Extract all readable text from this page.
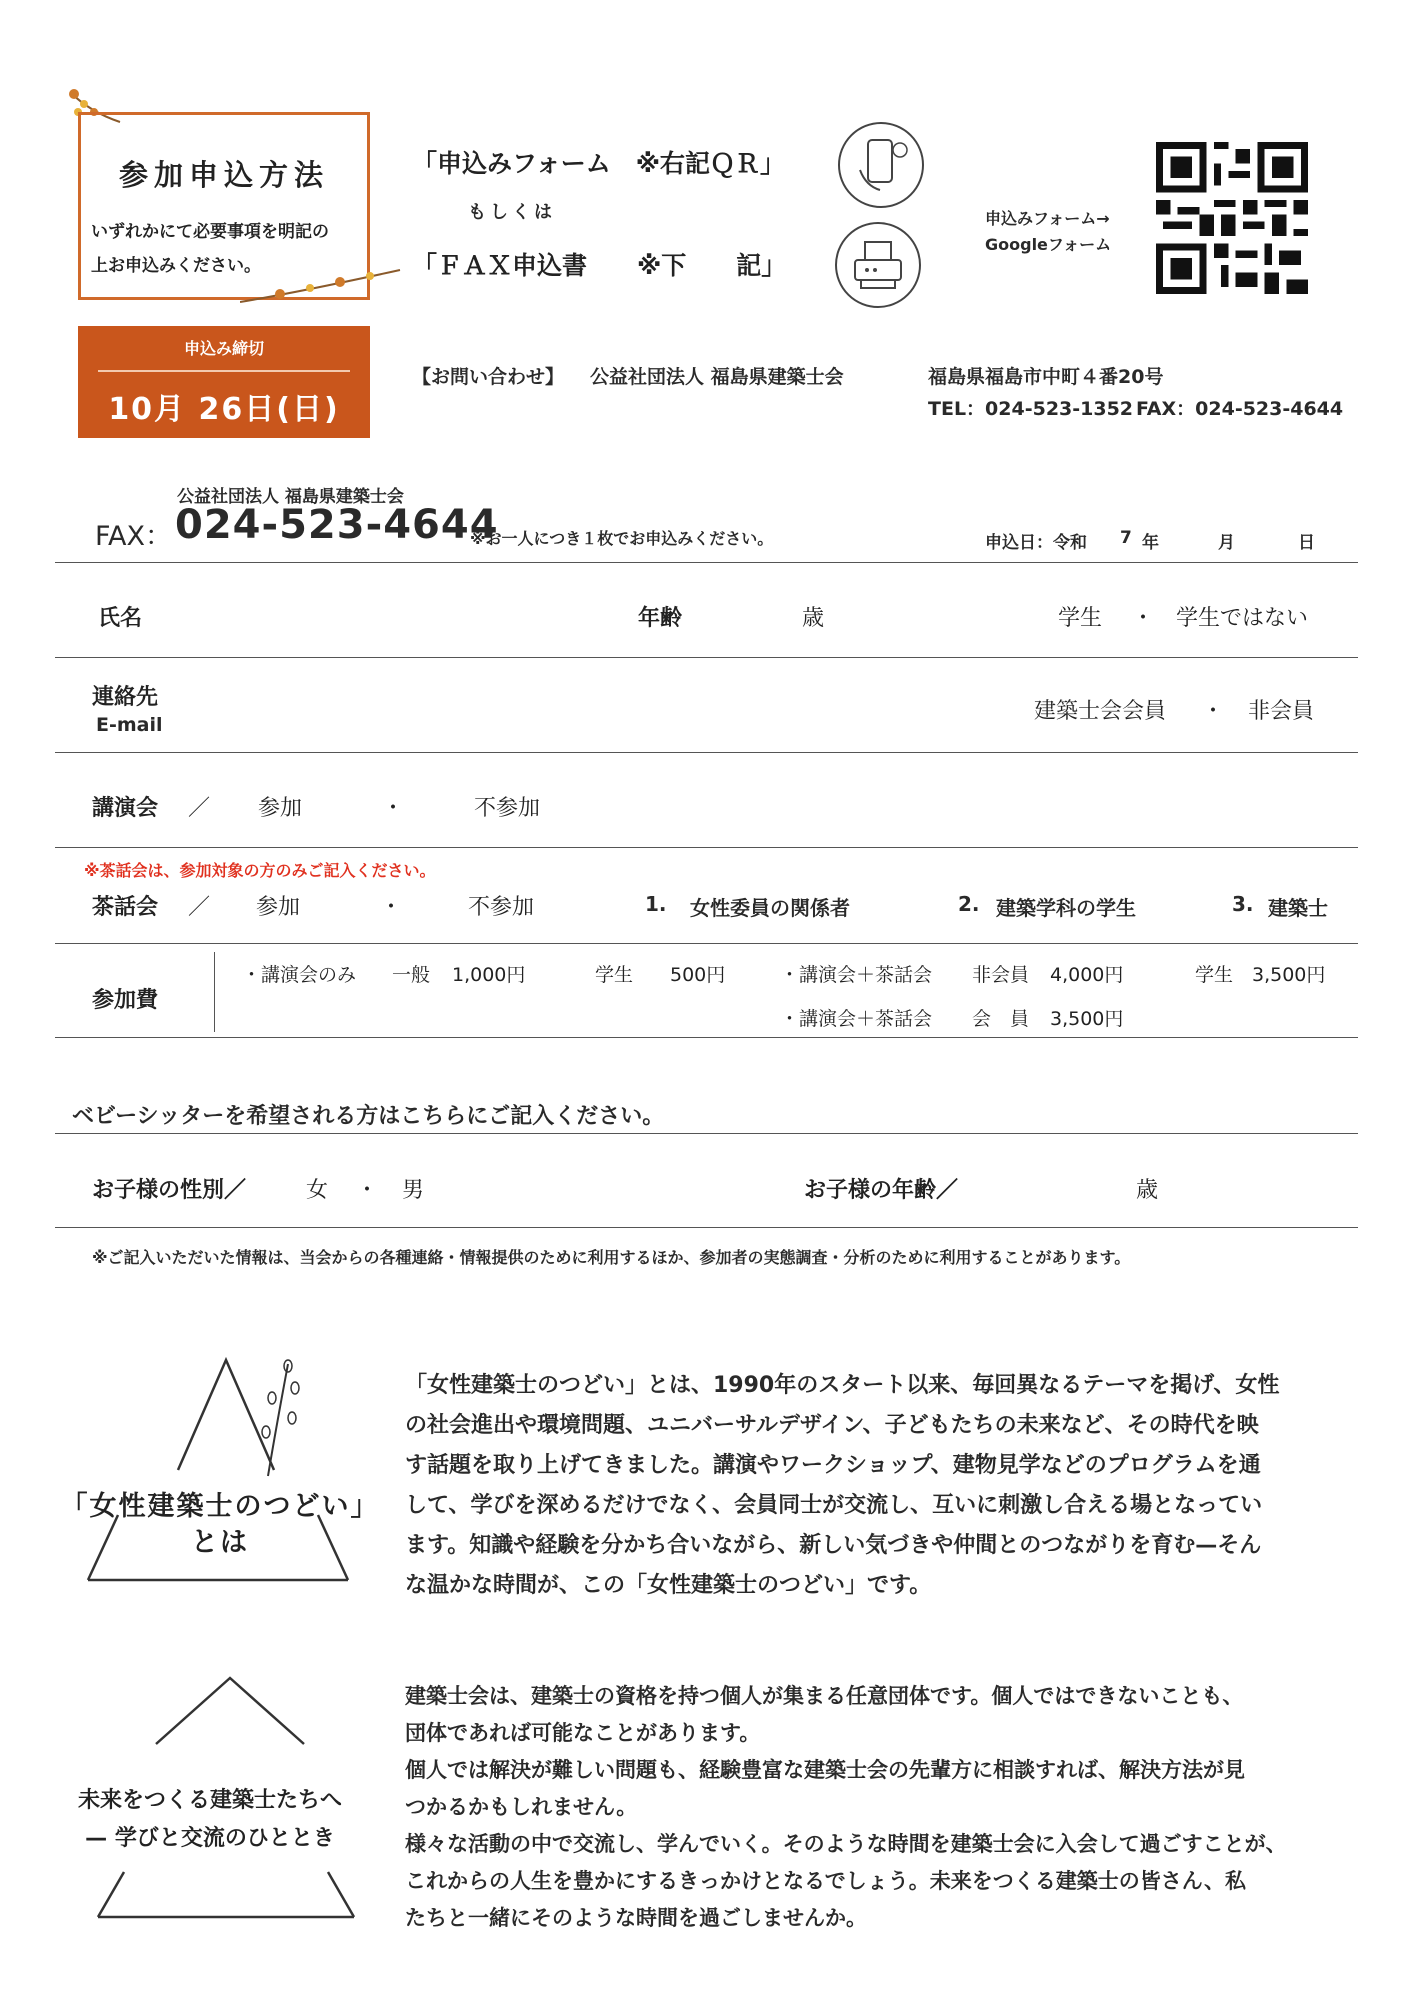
参加申込方法
いずれかにて必要事項を明記の
上お申込みください。
申込み締切
10月 26日(日)
「申込みフォーム　※右記ＱＲ」
もしくは
「ＦＡＸ申込書　　※下　　記」
申込みフォーム→
Googleフォーム
【お問い合わせ】 公益社団法人 福島県建築士会	福島県福島市中町４番20号
TEL：024-523-1352 FAX：024-523-4644
公益社団法人 福島県建築士会
FAX： 024-523-4644
※お一人につき１枚でお申込みください。	申込日：令和 7 年	月	日
氏名	年齢	歳	学生 ・ 学生ではない
連絡先
E-mail
建築士会会員 ・ 非会員
講演会 ／ 参加	・	不参加
※茶話会は、参加対象の方のみご記入ください。
茶話会 ／ 参加	・	不参加	1. 女性委員の関係者	2. 建築学科の学生	3. 建築士
参加費
・講演会のみ 一般 1,000円	学生 500円	・講演会＋茶話会 非会員 4,000円	学生 3,500円
・講演会＋茶話会 会　員 3,500円
ベビーシッターを希望される方はこちらにご記入ください。
お子様の性別／	女 ・ 男	お子様の年齢／	歳
※ご記入いただいた情報は、当会からの各種連絡・情報提供のために利用するほか、参加者の実態調査・分析のために利用することがあります。
「女性建築士のつどい」
とは
「女性建築士のつどい」とは、1990年のスタート以来、毎回異なるテーマを掲げ、女性
の社会進出や環境問題、ユニバーサルデザイン、子どもたちの未来など、その時代を映
す話題を取り上げてきました。講演やワークショップ、建物見学などのプログラムを通
して、学びを深めるだけでなく、会員同士が交流し、互いに刺激し合える場となってい
ます。知識や経験を分かち合いながら、新しい気づきや仲間とのつながりを育む—そん
な温かな時間が、この「女性建築士のつどい」です。
未来をつくる建築士たちへ
— 学びと交流のひととき
建築士会は、建築士の資格を持つ個人が集まる任意団体です。個人ではできないことも、
団体であれば可能なことがあります。
個人では解決が難しい問題も、経験豊富な建築士会の先輩方に相談すれば、解決方法が見
つかるかもしれません。
様々な活動の中で交流し、学んでいく。そのような時間を建築士会に入会して過ごすことが、
これからの人生を豊かにするきっかけとなるでしょう。未来をつくる建築士の皆さん、私
たちと一緒にそのような時間を過ごしませんか。
